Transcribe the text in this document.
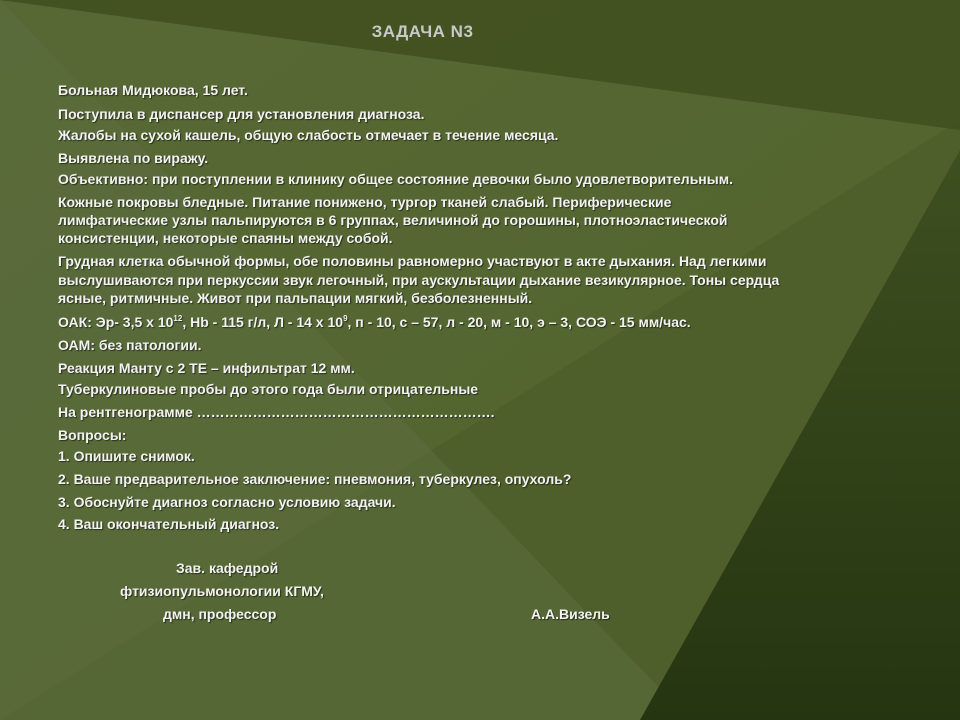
ЗАДАЧА N3
Больная Мидюкова, 15 лет.
Поступила в диспансер для установления диагноза.
Жалобы на сухой кашель, общую слабость отмечает в течение месяца.
Выявлена по виражу.
Объективно: при поступлении в клинику общее состояние девочки было удовлетворительным.
Кожные покровы бледные. Питание понижено, тургор тканей слабый. Периферические
лимфатические узлы пальпируются в 6 группах, величиной до горошины, плотноэластической
консистенции, некоторые спаяны между собой.
Грудная клетка обычной формы, обе половины равномерно участвуют в акте дыхания. Над легкими
выслушиваются при перкуссии звук легочный, при аускультации дыхание везикулярное. Тоны сердца
ясные, ритмичные. Живот при пальпации мягкий, безболезненный.
ОАК: Эр- 3,5 х $10^{12}$, Hb - 115 г/л, Л - 14 х $10^9$, п - 10, с – 57, л - 20, м - 10, э – 3, СОЭ - 15 мм/час.
ОАМ: без патологии.
Реакция Манту с 2 ТЕ – инфильтрат 12 мм.
Туберкулиновые пробы до этого года были отрицательные
На рентгенограмме ……………………………………………………….
Вопросы:
1. Опишите снимок.
2. Ваше предварительное заключение: пневмония, туберкулез, опухоль?
3. Обоснуйте диагноз согласно условию задачи.
4. Ваш окончательный диагноз.
Зав. кафедрой
фтизиопульмонологии КГМУ,
дмн, профессор	А.А.Визель
